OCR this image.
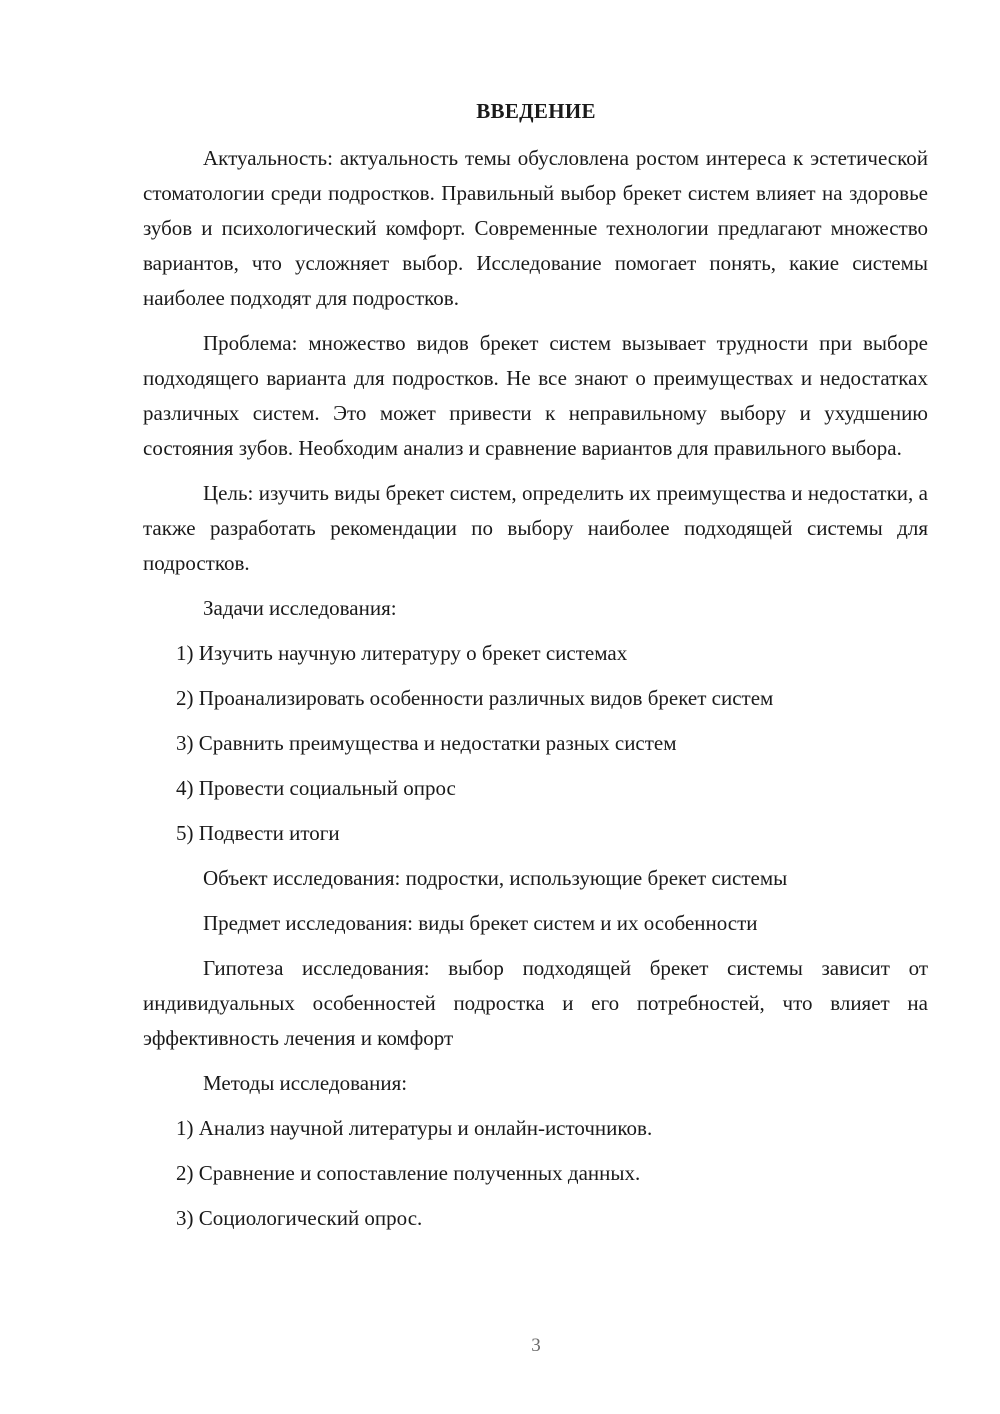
ВВЕДЕНИЕ

Актуальность: актуальность темы обусловлена ростом интереса к эстетической стоматологии среди подростков. Правильный выбор брекет систем влияет на здоровье зубов и психологический комфорт. Современные технологии предлагают множество вариантов, что усложняет выбор. Исследование помогает понять, какие системы наиболее подходят для подростков.

Проблема: множество видов брекет систем вызывает трудности при выборе подходящего варианта для подростков. Не все знают о преимуществах и недостатках различных систем. Это может привести к неправильному выбору и ухудшению состояния зубов. Необходим анализ и сравнение вариантов для правильного выбора.

Цель: изучить виды брекет систем, определить их преимущества и недостатки, а также разработать рекомендации по выбору наиболее подходящей системы для подростков.

Задачи исследования:

1) Изучить научную литературу о брекет системах

2) Проанализировать особенности различных видов брекет систем

3) Сравнить преимущества и недостатки разных систем

4) Провести социальный опрос

5) Подвести итоги

Объект исследования: подростки, использующие брекет системы

Предмет исследования: виды брекет систем и их особенности

Гипотеза исследования: выбор подходящей брекет системы зависит от индивидуальных особенностей подростка и его потребностей, что влияет на эффективность лечения и комфорт

Методы исследования:

1) Анализ научной литературы и онлайн-источников.

2) Сравнение и сопоставление полученных данных.

3) Социологический опрос.

3
